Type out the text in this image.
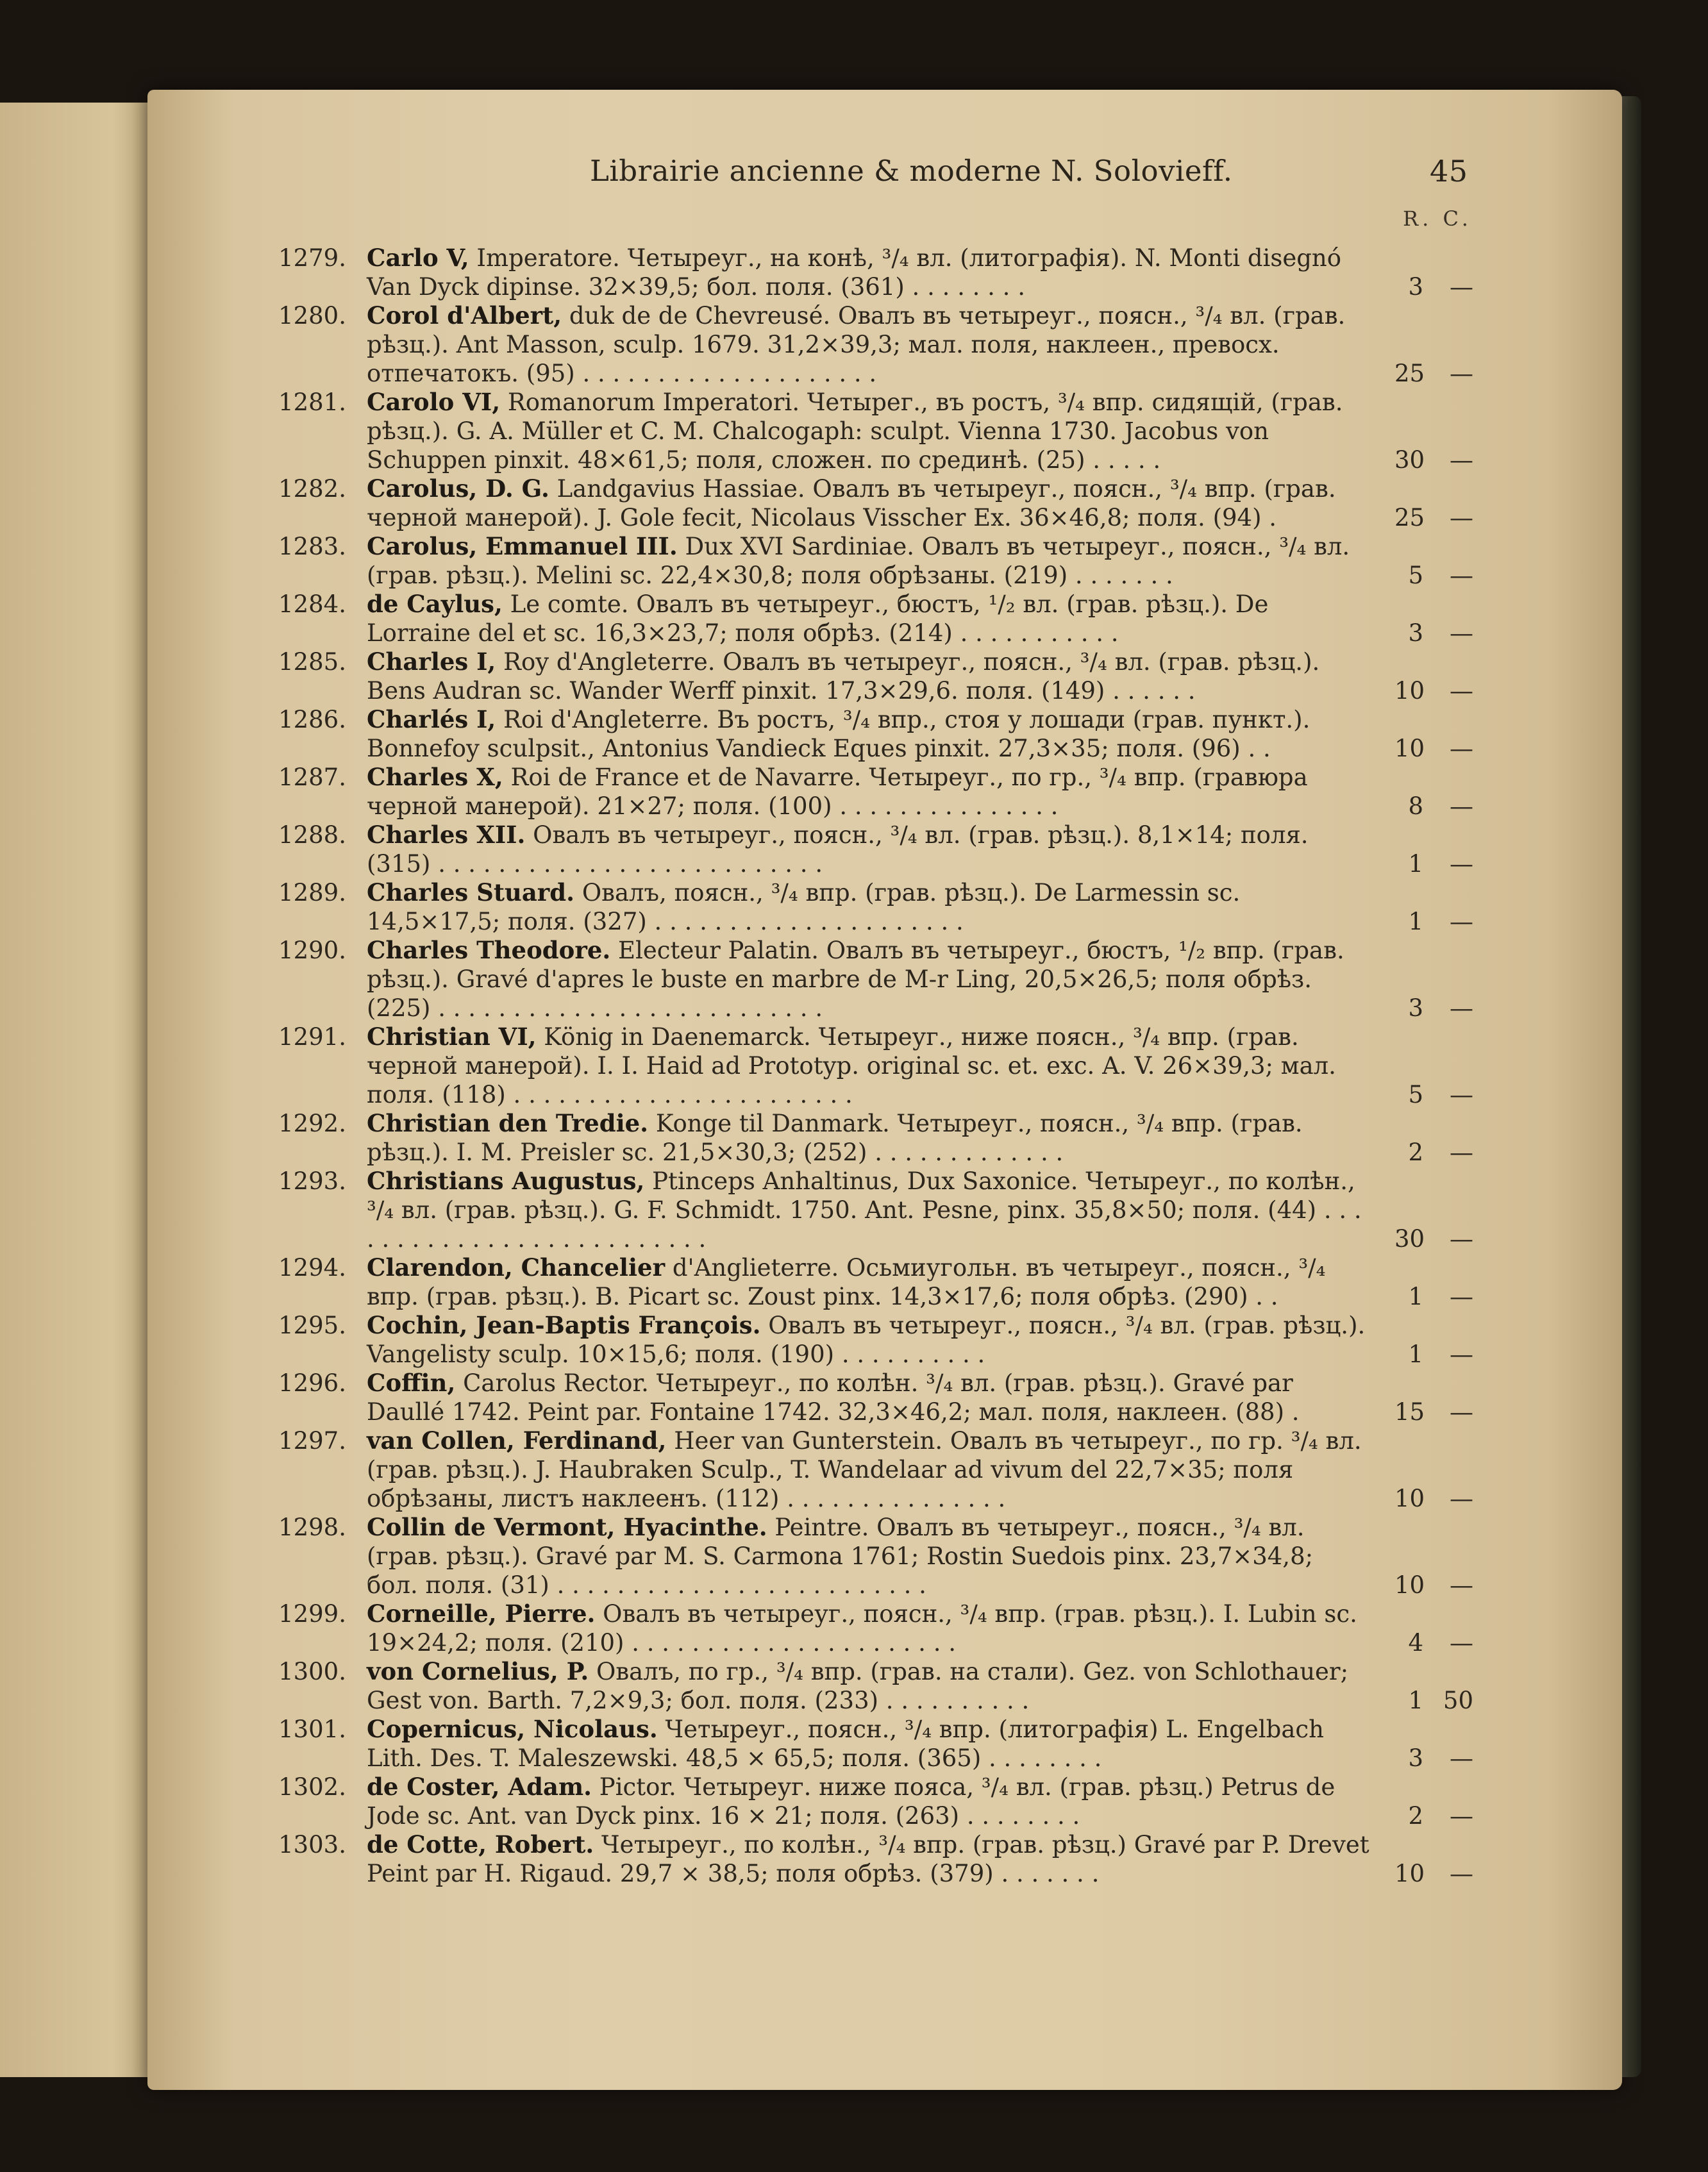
Librairie ancienne & moderne N. Solovieff.	45
R. C.
1279. Carlo V, Imperatore. Четыреуг., на конѣ, ³/₄ вл. (литографія). N. Monti disegnó Van Dyck dipinse. 32×39,5; бол. поля. (361) . . . . . . . .	3 —
1280. Corol d'Albert, duk de de Chevreusé. Овалъ въ четыреуг., поясн., ³/₄ вл. (грав. рѣзц.). Ant Masson, sculp. 1679. 31,2×39,3; мал. поля, наклеен., превосх. отпечатокъ. (95) . . . . . . . . . . . . . . . . . . . .	25 —
1281. Carolo VI, Romanorum Imperatori. Четырег., въ ростъ, ³/₄ впр. сидящій, (грав. рѣзц.). G. A. Müller et C. M. Chalcogaph: sculpt. Vienna 1730. Jacobus von Schuppen pinxit. 48×61,5; поля, сложен. по срединѣ. (25) . . . . .	30 —
1282. Carolus, D. G. Landgavius Hassiae. Овалъ въ четыреуг., поясн., ³/₄ впр. (грав. черной манерой). J. Gole fecit, Nicolaus Visscher Ex. 36×46,8; поля. (94) .	25 —
1283. Carolus, Emmanuel III. Dux XVI Sardiniae. Овалъ въ четыреуг., поясн., ³/₄ вл. (грав. рѣзц.). Melini sc. 22,4×30,8; поля обрѣзаны. (219) . . . . . . .	5 —
1284. de Caylus, Le comte. Овалъ въ четыреуг., бюстъ, ¹/₂ вл. (грав. рѣзц.). De Lorraine del et sc. 16,3×23,7; поля обрѣз. (214) . . . . . . . . . . .	3 —
1285. Charles I, Roy d'Angleterre. Овалъ въ четыреуг., поясн., ³/₄ вл. (грав. рѣзц.). Bens Audran sc. Wander Werff pinxit. 17,3×29,6. поля. (149) . . . . . .	10 —
1286. Charlés I, Roi d'Angleterre. Въ ростъ, ³/₄ впр., стоя у лошади (грав. пункт.). Bonnefoy sculpsit., Antonius Vandieck Eques pinxit. 27,3×35; поля. (96) . .	10 —
1287. Charles X, Roi de France et de Navarre. Четыреуг., по гр., ³/₄ впр. (гравюра черной манерой). 21×27; поля. (100) . . . . . . . . . . . . . . .	8 —
1288. Charles XII. Овалъ въ четыреуг., поясн., ³/₄ вл. (грав. рѣзц.). 8,1×14; поля. (315) . . . . . . . . . . . . . . . . . . . . . . . . . .	1 —
1289. Charles Stuard. Овалъ, поясн., ³/₄ впр. (грав. рѣзц.). De Larmessin sc. 14,5×17,5; поля. (327) . . . . . . . . . . . . . . . . . . . . .	1 —
1290. Charles Theodore. Electeur Palatin. Овалъ въ четыреуг., бюстъ, ¹/₂ впр. (грав. рѣзц.). Gravé d'apres le buste en marbre de M-r Ling, 20,5×26,5; поля обрѣз. (225) . . . . . . . . . . . . . . . . . . . . . . . . . .	3 —
1291. Christian VI, König in Daenemarck. Четыреуг., ниже поясн., ³/₄ впр. (грав. черной манерой). I. I. Haid ad Prototyp. original sc. et. exc. A. V. 26×39,3; мал. поля. (118) . . . . . . . . . . . . . . . . . . . . . . .	5 —
1292. Christian den Tredie. Konge til Danmark. Четыреуг., поясн., ³/₄ впр. (грав. рѣзц.). I. M. Preisler sc. 21,5×30,3; (252) . . . . . . . . . . . . .	2 —
1293. Christians Augustus, Ptinceps Anhaltinus, Dux Saxonice. Четыреуг., по колѣн., ³/₄ вл. (грав. рѣзц.). G. F. Schmidt. 1750. Ant. Pesne, pinx. 35,8×50; поля. (44) . . . . . . . . . . . . . . . . . . . . . . . . . .	30 —
1294. Clarendon, Chancelier d'Anglieterre. Осьмиугольн. въ четыреуг., поясн., ³/₄ впр. (грав. рѣзц.). B. Picart sc. Zoust pinx. 14,3×17,6; поля обрѣз. (290) . .	1 —
1295. Cochin, Jean-Baptis François. Овалъ въ четыреуг., поясн., ³/₄ вл. (грав. рѣзц.). Vangelisty sculp. 10×15,6; поля. (190) . . . . . . . . . .	1 —
1296. Coffin, Carolus Rector. Четыреуг., по колѣн. ³/₄ вл. (грав. рѣзц.). Gravé par Daullé 1742. Peint par. Fontaine 1742. 32,3×46,2; мал. поля, наклеен. (88) .	15 —
1297. van Collen, Ferdinand, Heer van Gunterstein. Овалъ въ четыреуг., по гр. ³/₄ вл. (грав. рѣзц.). J. Haubraken Sculp., T. Wandelaar ad vivum del 22,7×35; поля обрѣзаны, листъ наклеенъ. (112) . . . . . . . . . . . . . . .	10 —
1298. Collin de Vermont, Hyacinthe. Peintre. Овалъ въ четыреуг., поясн., ³/₄ вл. (грав. рѣзц.). Gravé par M. S. Carmona 1761; Rostin Suedois pinx. 23,7×34,8; бол. поля. (31) . . . . . . . . . . . . . . . . . . . . . . . . .	10 —
1299. Corneille, Pierre. Овалъ въ четыреуг., поясн., ³/₄ впр. (грав. рѣзц.). I. Lubin sc. 19×24,2; поля. (210) . . . . . . . . . . . . . . . . . . . . . .	4 —
1300. von Cornelius, P. Овалъ, по гр., ³/₄ впр. (грав. на стали). Gez. von Schlothauer; Gest von. Barth. 7,2×9,3; бол. поля. (233) . . . . . . . . . .	1 50
1301. Copernicus, Nicolaus. Четыреуг., поясн., ³/₄ впр. (литографія) L. Engelbach Lith. Des. T. Maleszewski. 48,5 × 65,5; поля. (365) . . . . . . . .	3 —
1302. de Coster, Adam. Pictor. Четыреуг. ниже пояса, ³/₄ вл. (грав. рѣзц.) Petrus de Jode sc. Ant. van Dyck pinx. 16 × 21; поля. (263) . . . . . . . .	2 —
1303. de Cotte, Robert. Четыреуг., по колѣн., ³/₄ впр. (грав. рѣзц.) Gravé par P. Drevet Peint par H. Rigaud. 29,7 × 38,5; поля обрѣз. (379) . . . . . . .	10 —
